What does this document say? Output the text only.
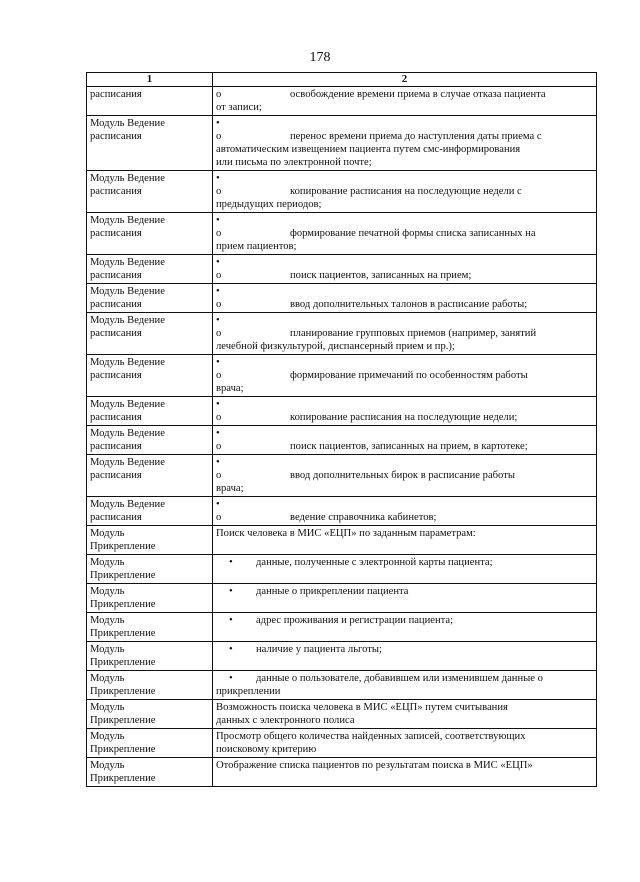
178
1	2

расписания	o освобождение времени приема в случае отказа пациента
от записи;

Модуль Ведение
расписания	•
o перенос времени приема до наступления даты приема с
автоматическим извещением пациента путем смс-информирования
или письма по электронной почте;

Модуль Ведение
расписания	•
o копирование расписания на последующие недели с
предыдущих периодов;

Модуль Ведение
расписания	•
o формирование печатной формы списка записанных на
прием пациентов;

Модуль Ведение
расписания	•
o поиск пациентов, записанных на прием;

Модуль Ведение
расписания	•
o ввод дополнительных талонов в расписание работы;

Модуль Ведение
расписания	•
o планирование групповых приемов (например, занятий
лечебной физкультурой, диспансерный прием и пр.);

Модуль Ведение
расписания	•
o формирование примечаний по особенностям работы
врача;

Модуль Ведение
расписания	•
o копирование расписания на последующие недели;

Модуль Ведение
расписания	•
o поиск пациентов, записанных на прием, в картотеке;

Модуль Ведение
расписания	•
o ввод дополнительных бирок в расписание работы
врача;

Модуль Ведение
расписания	•
o ведение справочника кабинетов;

Модуль
Прикрепление	Поиск человека в МИС «ЕЦП» по заданным параметрам:

Модуль
Прикрепление	• данные, полученные с электронной карты пациента;

Модуль
Прикрепление	• данные о прикреплении пациента

Модуль
Прикрепление	• адрес проживания и регистрации пациента;

Модуль
Прикрепление	• наличие у пациента льготы;

Модуль
Прикрепление	• данные о пользователе, добавившем или изменившем данные о
прикреплении

Модуль
Прикрепление	Возможность поиска человека в МИС «ЕЦП» путем считывания
данных с электронного полиса

Модуль
Прикрепление	Просмотр общего количества найденных записей, соответствующих
поисковому критерию

Модуль
Прикрепление	Отображение списка пациентов по результатам поиска в МИС «ЕЦП»
